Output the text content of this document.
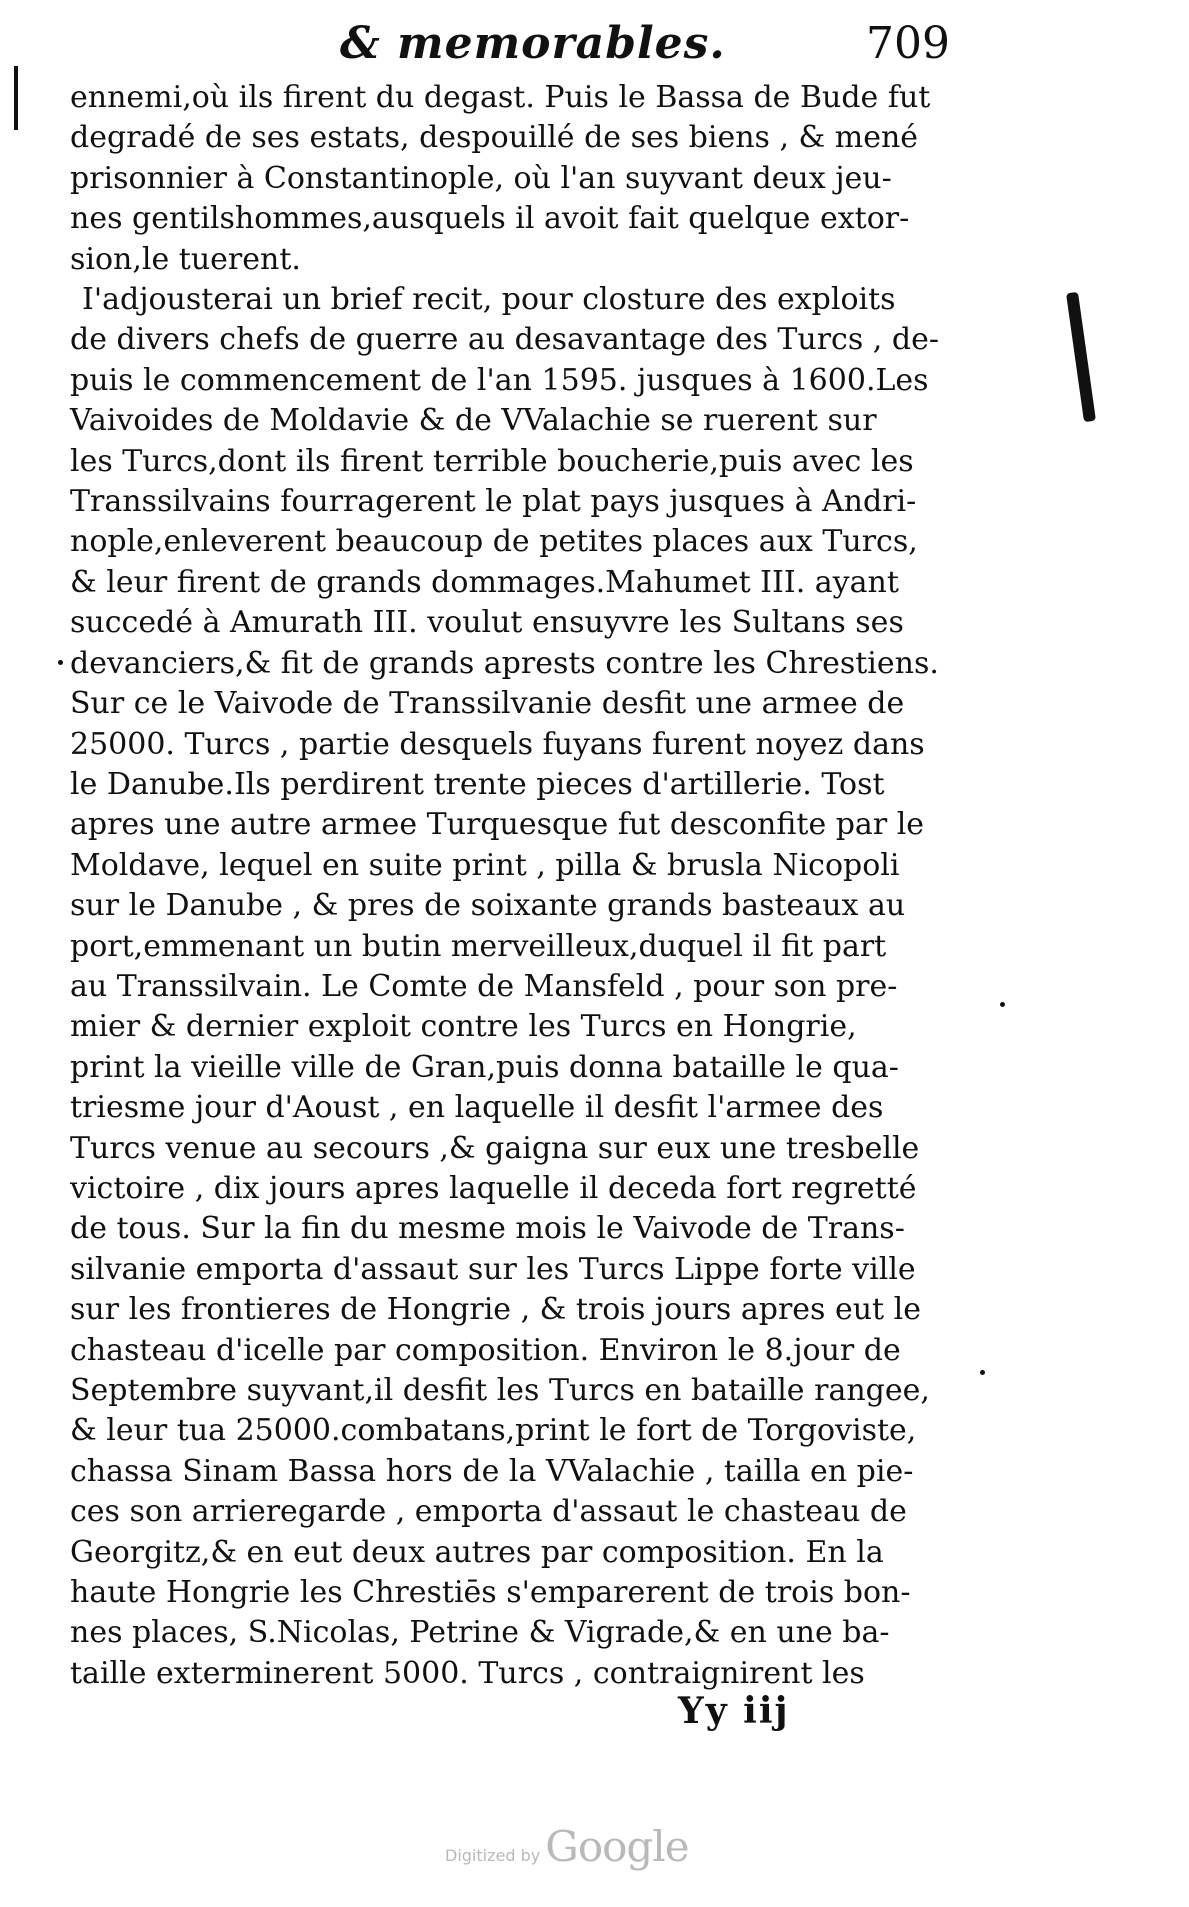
& memorables.	709
ennemi,où ils firent du degast. Puis le Bassa de Bude fut
degradé de ses estats, despouillé de ses biens , & mené
prisonnier à Constantinople, où l'an suyvant deux jeu-
nes gentilshommes,ausquels il avoit fait quelque extor-
sion,le tuerent.
I'adjousterai un brief recit, pour closture des exploits
de divers chefs de guerre au desavantage des Turcs , de-
puis le commencement de l'an 1595. jusques à 1600.Les
Vaivoides de Moldavie & de VValachie se ruerent sur
les Turcs,dont ils firent terrible boucherie,puis avec les
Transsilvains fourragerent le plat pays jusques à Andri-
nople,enleverent beaucoup de petites places aux Turcs,
& leur firent de grands dommages.Mahumet III. ayant
succedé à Amurath III. voulut ensuyvre les Sultans ses
devanciers,& fit de grands aprests contre les Chrestiens.
Sur ce le Vaivode de Transsilvanie desfit une armee de
25000. Turcs , partie desquels fuyans furent noyez dans
le Danube.Ils perdirent trente pieces d'artillerie. Tost
apres une autre armee Turquesque fut desconfite par le
Moldave, lequel en suite print , pilla & brusla Nicopoli
sur le Danube , & pres de soixante grands basteaux au
port,emmenant un butin merveilleux,duquel il fit part
au Transsilvain. Le Comte de Mansfeld , pour son pre-
mier & dernier exploit contre les Turcs en Hongrie,
print la vieille ville de Gran,puis donna bataille le qua-
triesme jour d'Aoust , en laquelle il desfit l'armee des
Turcs venue au secours ,& gaigna sur eux une tresbelle
victoire , dix jours apres laquelle il deceda fort regretté
de tous. Sur la fin du mesme mois le Vaivode de Trans-
silvanie emporta d'assaut sur les Turcs Lippe forte ville
sur les frontieres de Hongrie , & trois jours apres eut le
chasteau d'icelle par composition. Environ le 8.jour de
Septembre suyvant,il desfit les Turcs en bataille rangee,
& leur tua 25000.combatans,print le fort de Torgoviste,
chassa Sinam Bassa hors de la VValachie , tailla en pie-
ces son arrieregarde , emporta d'assaut le chasteau de
Georgitz,& en eut deux autres par composition. En la
haute Hongrie les Chrestiēs s'emparerent de trois bon-
nes places, S.Nicolas, Petrine & Vigrade,& en une ba-
taille exterminerent 5000. Turcs , contraignirent les
Yy iij
Digitized by Google
